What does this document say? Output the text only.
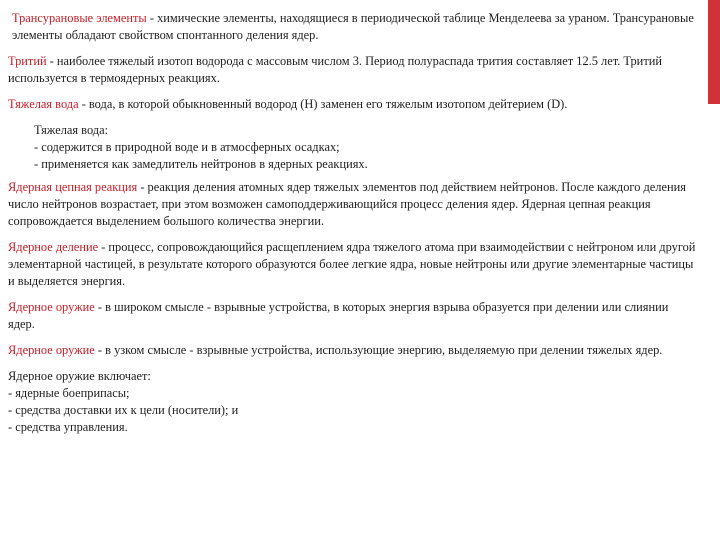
Трансурановые элементы - химические элементы, находящиеся в периодической таблице Менделеева за ураном. Трансурановые элементы обладают свойством спонтанного деления ядер.

Тритий - наиболее тяжелый изотоп водорода с массовым числом 3. Период полураспада трития составляет 12.5 лет. Тритий используется в термоядерных реакциях.

Тяжелая вода - вода, в которой обыкновенный водород (H) заменен его тяжелым изотопом дейтерием (D).

Тяжелая вода:
- содержится в природной воде и в атмосферных осадках;
- применяется как замедлитель нейтронов в ядерных реакциях.

Ядерная цепная реакция - реакция деления атомных ядер тяжелых элементов под действием нейтронов. После каждого деления число нейтронов возрастает, при этом возможен самоподдерживающийся процесс деления ядер. Ядерная цепная реакция сопровождается выделением большого количества энергии.

Ядерное деление - процесс, сопровождающийся расщеплением ядра тяжелого атома при взаимодействии с нейтроном или другой элементарной частицей, в результате которого образуются более легкие ядра, новые нейтроны или другие элементарные частицы и выделяется энергия.

Ядерное оружие - в широком смысле - взрывные устройства, в которых энергия взрыва образуется при делении или слиянии ядер.

Ядерное оружие - в узком смысле - взрывные устройства, использующие энергию, выделяемую при делении тяжелых ядер.

Ядерное оружие включает:
- ядерные боеприпасы;
- средства доставки их к цели (носители); и
- средства управления.
